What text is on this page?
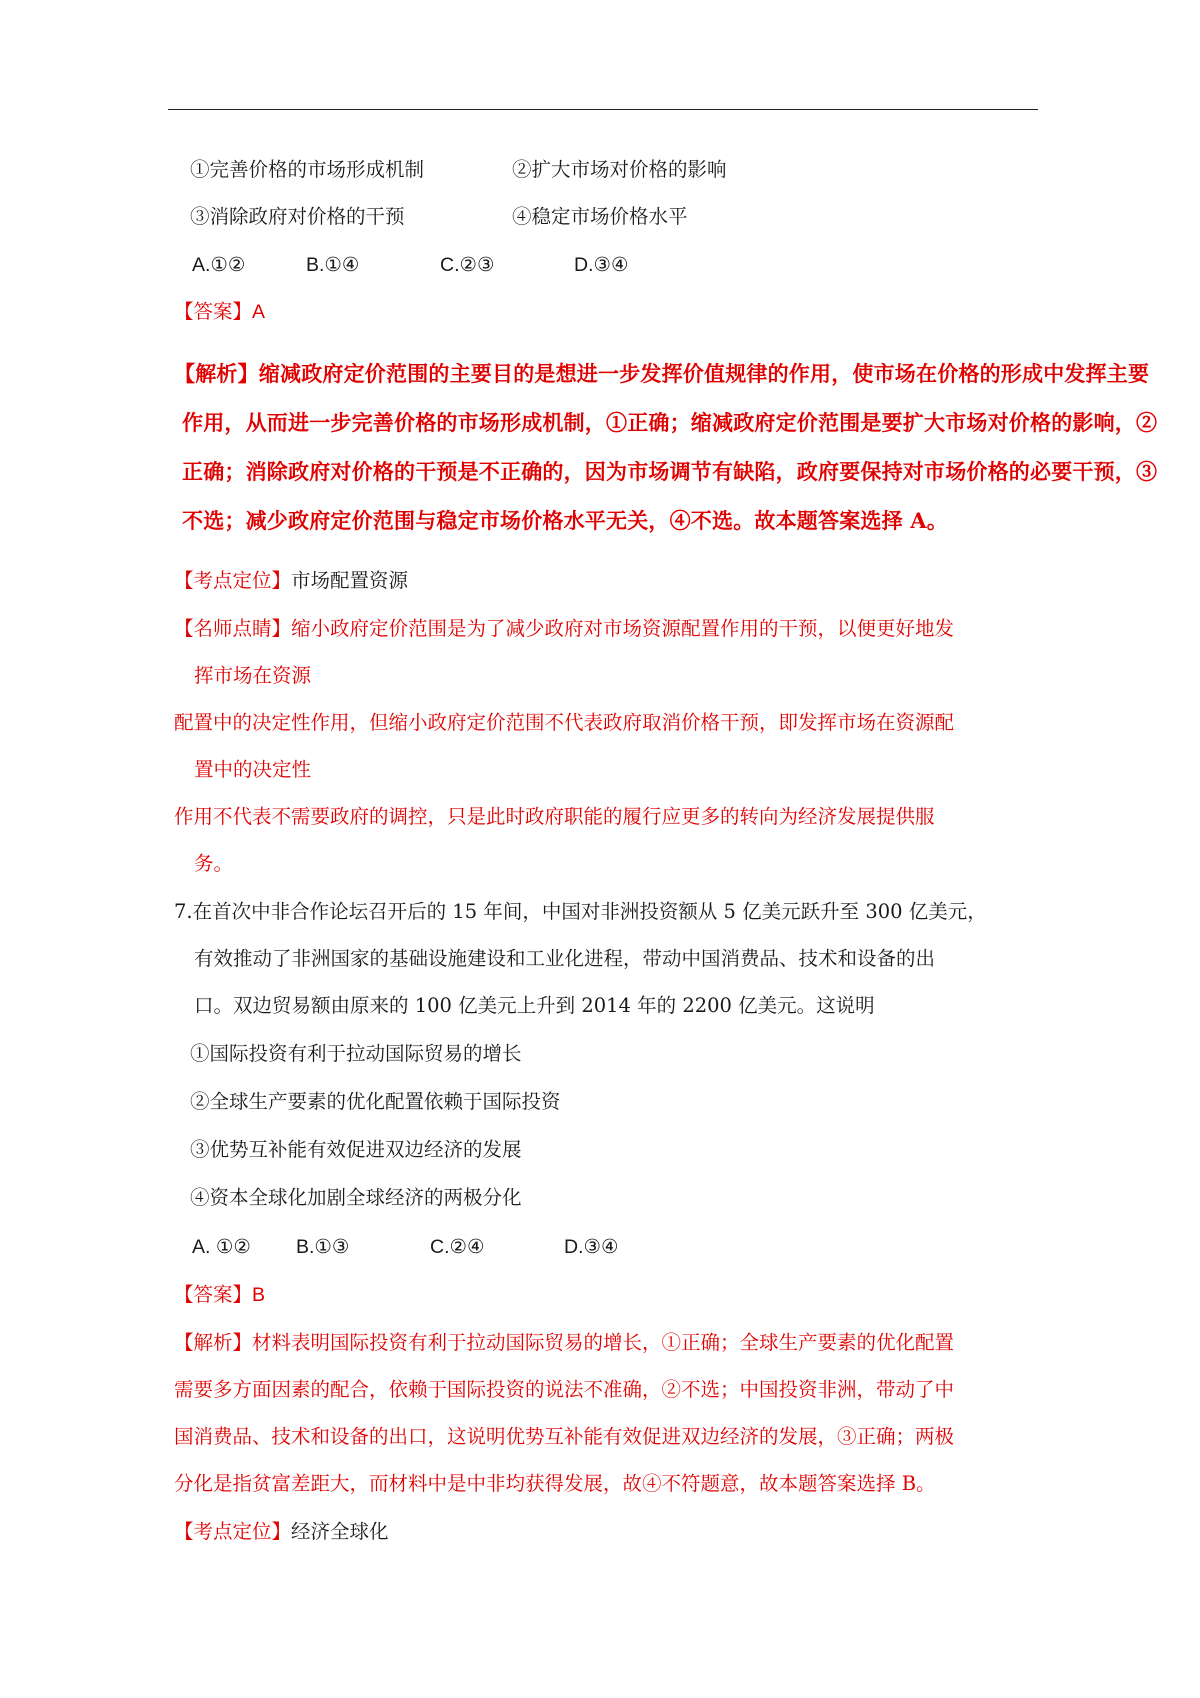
①完善价格的市场形成机制	②扩大市场对价格的影响
③消除政府对价格的干预	④稳定市场价格水平
A.①②	B.①④	C.②③	D.③④
【答案】A
【解析】缩减政府定价范围的主要目的是想进一步发挥价值规律的作用，使市场在价格的形成中发挥主要
作用，从而进一步完善价格的市场形成机制，①正确；缩减政府定价范围是要扩大市场对价格的影响，②
正确；消除政府对价格的干预是不正确的，因为市场调节有缺陷，政府要保持对市场价格的必要干预，③
不选；减少政府定价范围与稳定市场价格水平无关，④不选。故本题答案选择 A。
【考点定位】市场配置资源
【名师点睛】缩小政府定价范围是为了减少政府对市场资源配置作用的干预，以便更好地发
挥市场在资源
配置中的决定性作用，但缩小政府定价范围不代表政府取消价格干预，即发挥市场在资源配
置中的决定性
作用不代表不需要政府的调控，只是此时政府职能的履行应更多的转向为经济发展提供服
务。
7.在首次中非合作论坛召开后的 15 年间，中国对非洲投资额从 5 亿美元跃升至 300 亿美元，
有效推动了非洲国家的基础设施建设和工业化进程，带动中国消费品、技术和设备的出
口。双边贸易额由原来的 100 亿美元上升到 2014 年的 2200 亿美元。这说明
①国际投资有利于拉动国际贸易的增长
②全球生产要素的优化配置依赖于国际投资
③优势互补能有效促进双边经济的发展
④资本全球化加剧全球经济的两极分化
A. ①② B.①③	C.②④	D.③④
【答案】B
【解析】材料表明国际投资有利于拉动国际贸易的增长，①正确；全球生产要素的优化配置
需要多方面因素的配合，依赖于国际投资的说法不准确，②不选；中国投资非洲，带动了中
国消费品、技术和设备的出口，这说明优势互补能有效促进双边经济的发展，③正确；两极
分化是指贫富差距大，而材料中是中非均获得发展，故④不符题意，故本题答案选择 B。
【考点定位】经济全球化
